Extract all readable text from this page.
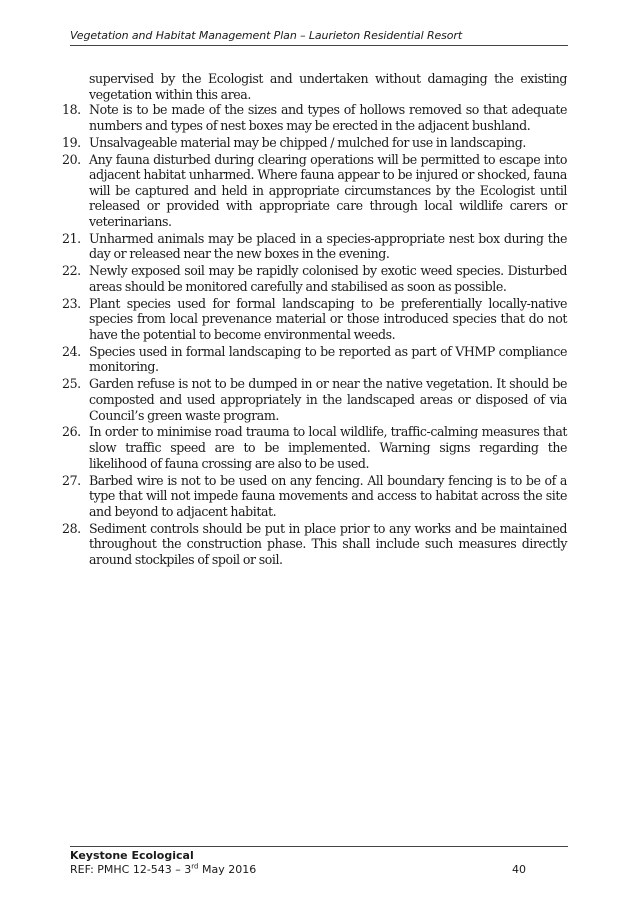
Vegetation and Habitat Management Plan – Laurieton Residential Resort

supervised by the Ecologist and undertaken without damaging the existing vegetation within this area.

18. Note is to be made of the sizes and types of hollows removed so that adequate numbers and types of nest boxes may be erected in the adjacent bushland.
19. Unsalvageable material may be chipped / mulched for use in landscaping.
20. Any fauna disturbed during clearing operations will be permitted to escape into adjacent habitat unharmed. Where fauna appear to be injured or shocked, fauna will be captured and held in appropriate circumstances by the Ecologist until released or provided with appropriate care through local wildlife carers or veterinarians.
21. Unharmed animals may be placed in a species-appropriate nest box during the day or released near the new boxes in the evening.
22. Newly exposed soil may be rapidly colonised by exotic weed species. Disturbed areas should be monitored carefully and stabilised as soon as possible.
23. Plant species used for formal landscaping to be preferentially locally-native species from local prevenance material or those introduced species that do not have the potential to become environmental weeds.
24. Species used in formal landscaping to be reported as part of VHMP compliance monitoring.
25. Garden refuse is not to be dumped in or near the native vegetation. It should be composted and used appropriately in the landscaped areas or disposed of via Council’s green waste program.
26. In order to minimise road trauma to local wildlife, traffic-calming measures that slow traffic speed are to be implemented. Warning signs regarding the likelihood of fauna crossing are also to be used.
27. Barbed wire is not to be used on any fencing. All boundary fencing is to be of a type that will not impede fauna movements and access to habitat across the site and beyond to adjacent habitat.
28. Sediment controls should be put in place prior to any works and be maintained throughout the construction phase. This shall include such measures directly around stockpiles of spoil or soil.
Keystone Ecological
REF: PMHC 12-543 – 3rd May 2016	40
